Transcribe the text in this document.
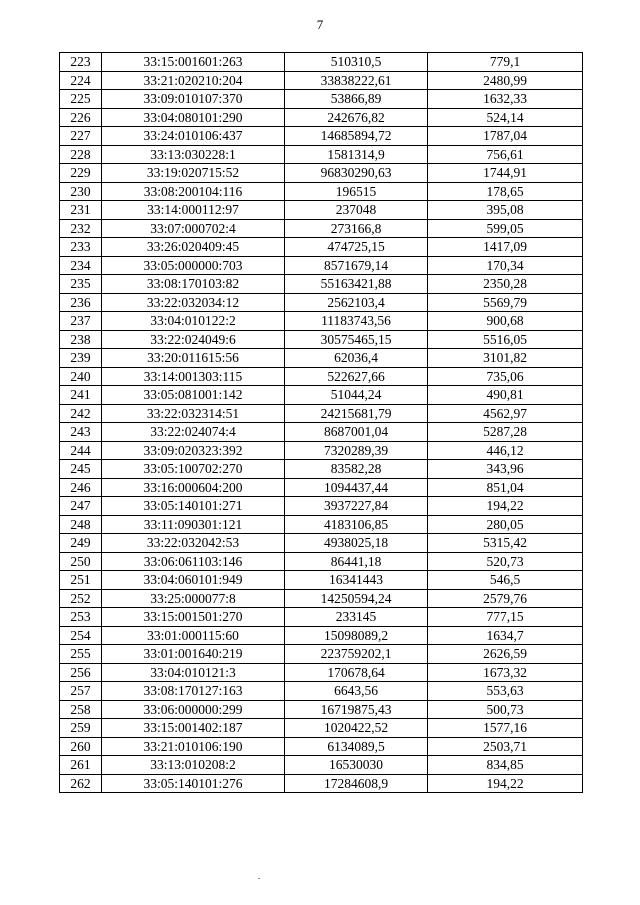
7
223	33:15:001601:263	510310,5	779,1
224	33:21:020210:204	33838222,61	2480,99
225	33:09:010107:370	53866,89	1632,33
226	33:04:080101:290	242676,82	524,14
227	33:24:010106:437	14685894,72	1787,04
228	33:13:030228:1	1581314,9	756,61
229	33:19:020715:52	96830290,63	1744,91
230	33:08:200104:116	196515	178,65
231	33:14:000112:97	237048	395,08
232	33:07:000702:4	273166,8	599,05
233	33:26:020409:45	474725,15	1417,09
234	33:05:000000:703	8571679,14	170,34
235	33:08:170103:82	55163421,88	2350,28
236	33:22:032034:12	2562103,4	5569,79
237	33:04:010122:2	11183743,56	900,68
238	33:22:024049:6	30575465,15	5516,05
239	33:20:011615:56	62036,4	3101,82
240	33:14:001303:115	522627,66	735,06
241	33:05:081001:142	51044,24	490,81
242	33:22:032314:51	24215681,79	4562,97
243	33:22:024074:4	8687001,04	5287,28
244	33:09:020323:392	7320289,39	446,12
245	33:05:100702:270	83582,28	343,96
246	33:16:000604:200	1094437,44	851,04
247	33:05:140101:271	3937227,84	194,22
248	33:11:090301:121	4183106,85	280,05
249	33:22:032042:53	4938025,18	5315,42
250	33:06:061103:146	86441,18	520,73
251	33:04:060101:949	16341443	546,5
252	33:25:000077:8	14250594,24	2579,76
253	33:15:001501:270	233145	777,15
254	33:01:000115:60	15098089,2	1634,7
255	33:01:001640:219	223759202,1	2626,59
256	33:04:010121:3	170678,64	1673,32
257	33:08:170127:163	6643,56	553,63
258	33:06:000000:299	16719875,43	500,73
259	33:15:001402:187	1020422,52	1577,16
260	33:21:010106:190	6134089,5	2503,71
261	33:13:010208:2	16530030	834,85
262	33:05:140101:276	17284608,9	194,22
